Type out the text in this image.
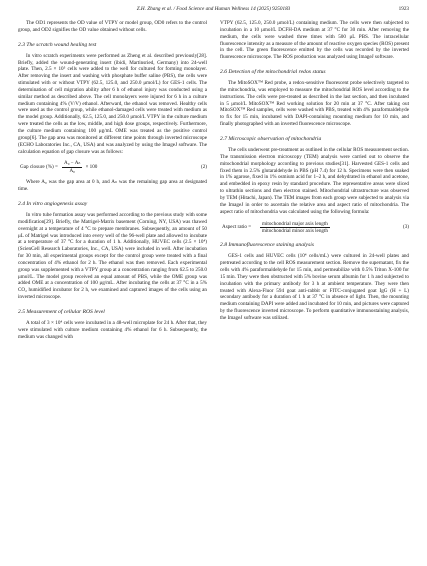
Z.H. Zhang et al. / Food Science and Human Wellness 14 (2025) 9250183	1923

The OD1 represents the OD value of VTPY or model group, OD0 refers to the control group, and OD2 signifies the OD value obtained without cells.

2.3 The scratch wound healing test

In vitro scratch experiments were performed as Zheng et al. described previously[28]. Briefly, added the wound-generating insert (ibidi, Martinsried, Germany) into 24-well plate. Then, 2.5 × 10⁵ cells were added to the well for cultured for forming monolayer. After removing the insert and washing with phosphate buffer saline (PBS), the cells were stimulated with or without VTPY (62.5, 125.0, and 250.0 μmol/L) for GES-1 cells. The determination of cell migration ability after 6 h of ethanol injury was conducted using a similar method as described above. The cell monolayers were injured for 6 h in a culture medium containing 4% (V/V) ethanol. Afterward, the ethanol was removed. Healthy cells were used as the control group, while ethanol-damaged cells were treated with medium as the model group. Additionally, 62.5, 125.0, and 250.0 μmol/L VTPY in the culture medium were treated the cells as the low, middle, and high dose groups, respectively. Furthermore, the culture medium containing 100 μg/mL OME was treated as the positive control group[6]. The gap area was monitored at different time points through inverted microscope (ECHO Laboratories Inc., CA, USA) and was analyzed by using the ImageJ software. The calculation equation of gap closure was as follows:

Gap closure (%) = $\frac{\text{A₀ − Aₙ}}{\text{A₀}} \times 100$	(2)

Where A₀ was the gap area at 0 h, and Aₙ was the remaining gap area at designated time.

2.4 In vitro angiogenesis assay

In vitro tube formation assay was performed according to the previous study with some modification[29]. Briefly, the Matrigel-Matrix basement (Corning, NY, USA) was thawed overnight at a temperature of 4 °C to prepare membranes. Subsequently, an amount of 50 μL of Matrigel was introduced into every well of the 96-well plate and allowed to incubate at a temperature of 37 °C for a duration of 1 h. Additionally, HUVEC cells (2.5 × 10⁴) (ScienCell Research Laboratories, Inc., CA, USA) were included in well. After incubation for 30 min, all experimental groups except for the control group were treated with a final concentration of 4% ethanol for 2 h. The ethanol was then removed. Each experimental group was supplemented with a VTPY group at a concentration ranging from 62.5 to 250.0 μmol/L. The model group received an equal amount of PBS, while the OME group was added OME at a concentration of 100 μg/mL. After incubating the cells at 37 °C in a 5% CO₂ humidified incubator for 2 h, we examined and captured images of the cells using an inverted microscope.

2.5 Measurement of cellular ROS level

A total of 3 × 10⁴ cells were incubated in a 48-well microplate for 24 h. After that, they were stimulated with culture medium containing 4% ethanol for 6 h. Subsequently, the medium was changed with

VTPY (62.5, 125.0, 250.0 μmol/L) containing medium. The cells were then subjected to incubation in a 10 μmol/L DCFH-DA medium at 37 °C for 30 min. After removing the medium, the cells were washed three times with 500 μL PBS. The intracellular fluorescence intensity as a measure of the amount of reactive oxygen species (ROS) present in the cell. The green fluorescence emitted by the cells was recorded by the inverted fluorescence microscope. The ROS production was analyzed using ImageJ software.

2.6 Detection of the mitochondrial redox status

The MitoSOX™ Red probe, a redox-sensitive fluorescent probe selectively targeted to the mitochondria, was employed to measure the mitochondrial ROS level according to the instructions. The cells were pre-treated as described in the last section, and then incubated in 5 μmol/L MitoSOX™ Red working solution for 20 min at 37 °C. After taking out MitoSOX™ Red samples, cells were washed with PBS, treated with 4% paraformaldehyde to fix for 15 min, incubated with DAPI-containing mounting medium for 10 min, and finally photographed with an inverted fluorescence microscope.

2.7 Microscopic observation of mitochondria

The cells underwent pre-treatment as outlined in the cellular ROS measurement section. The transmission electron microscopy (TEM) analysis were carried out to observe the mitochondrial morphology according to previous studies[31]. Harvested GES-1 cells and fixed them in 2.5% glutaraldehyde in PBS (pH 7.4) for 12 h. Specimens were then soaked in 1% agarose, fixed in 1% osmium acid for 1–2 h, and dehydrated in ethanol and acetone, and embedded in epoxy resin by standard procedure. The representative areas were sliced to ultrathin sections and then electron stained. Mitochondrial ultrastructure was observed by TEM (Hitachi, Japan). The TEM images from each group were subjected to analysis via the ImageJ in order to ascertain the relative area and aspect ratio of mitochondria. The aspect ratio of mitochondria was calculated using the following formula:

Aspect ratio =	$\frac{\text{mitochondrial major axis length}}{\text{mitochondrial minor axis length}}$	(3)
2.8 Immunofluorescence staining analysis

GES-1 cells and HUVEC cells (10⁴ cells/mL) were cultured in 24-well plates and pretreated according to the cell ROS measurement section. Remove the supernatant, fix the cells with 4% paraformaldehyde for 15 min, and permeabilize with 0.5% Triton X-100 for 15 min. They were then obstructed with 5% bovine serum albumin for 1 h and subjected to incubation with the primary antibody for 3 h at ambient temperature. They were then treated with Alexa-Fluor 594 goat anti-rabbit or FITC-conjugated goat IgG (H + L) secondary antibody for a duration of 1 h at 37 °C in absence of light. Then, the mounting medium containing DAPI were added and incubated for 10 min, and pictures were captured by the fluorescence inverted microscope. To perform quantitative immunostaining analysis, the ImageJ software was utilized.
